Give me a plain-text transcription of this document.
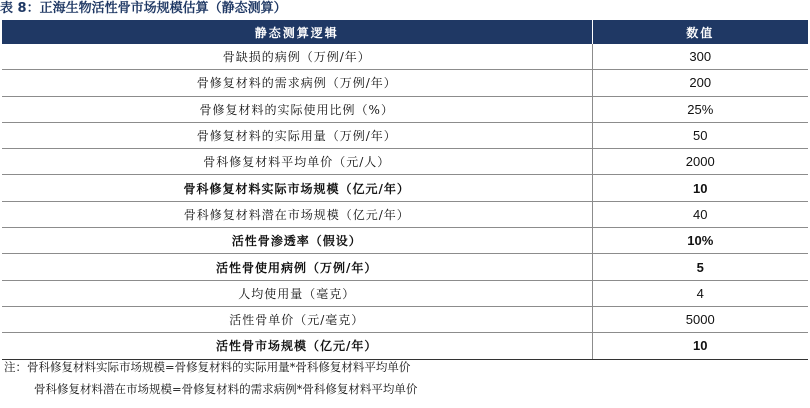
表 8：正海生物活性骨市场规模估算（静态测算）
静态测算逻辑	数值
骨缺损的病例（万例/年）	300
骨修复材料的需求病例（万例/年）	200
骨修复材料的实际使用比例（%）	25%
骨修复材料的实际用量（万例/年）	50
骨科修复材料平均单价（元/人）	2000
骨科修复材料实际市场规模（亿元/年）	10
骨科修复材料潜在市场规模（亿元/年）	40
活性骨渗透率（假设）	10%
活性骨使用病例（万例/年）	5
人均使用量（毫克）	4
活性骨单价（元/毫克）	5000
活性骨市场规模（亿元/年）	10
注：骨科修复材料实际市场规模=骨修复材料的实际用量*骨科修复材料平均单价
骨科修复材料潜在市场规模=骨修复材料的需求病例*骨科修复材料平均单价
